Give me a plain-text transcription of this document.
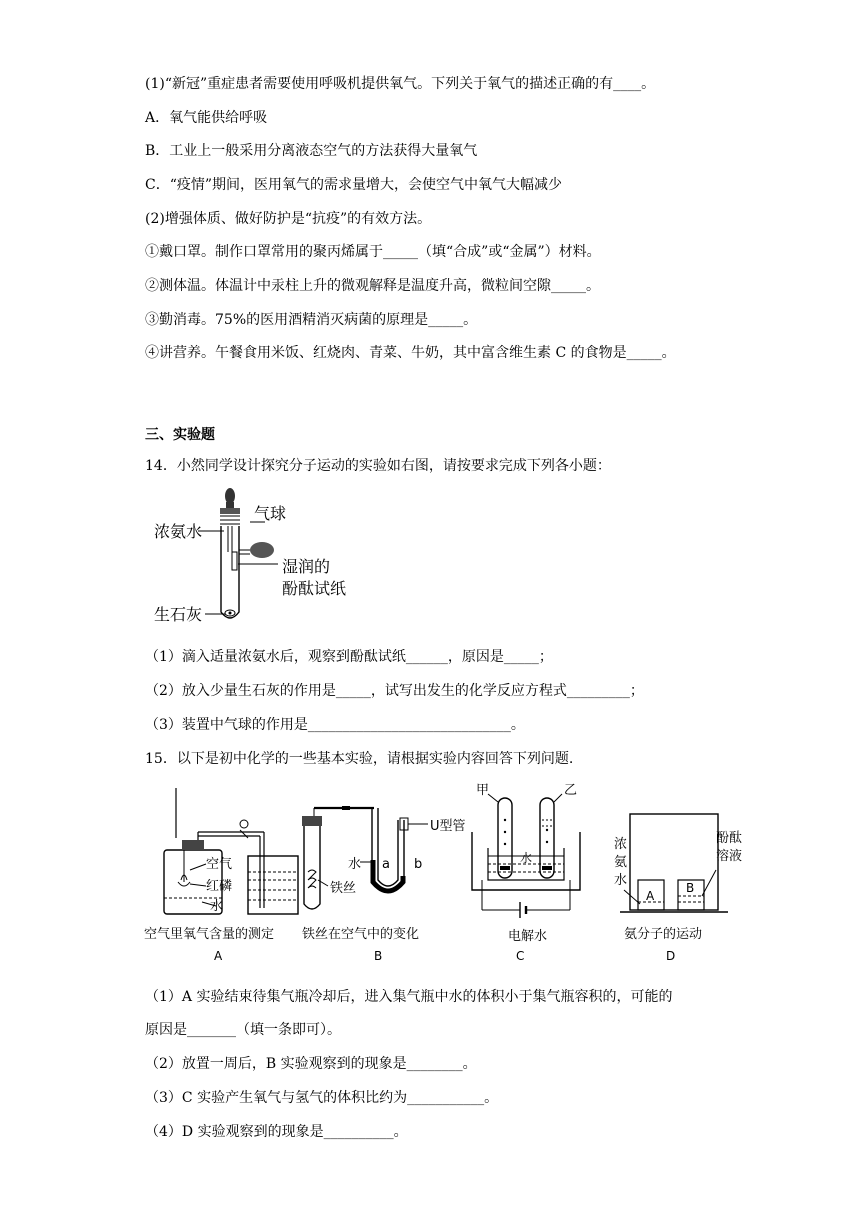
(1)“新冠”重症患者需要使用呼吸机提供氧气。下列关于氧气的描述正确的有____。
A．氧气能供给呼吸
B．工业上一般采用分离液态空气的方法获得大量氧气
C．“疫情”期间，医用氧气的需求量增大，会使空气中氧气大幅减少
(2)增强体质、做好防护是“抗疫”的有效方法。
①戴口罩。制作口罩常用的聚丙烯属于_____（填“合成”或“金属”）材料。
②测体温。体温计中汞柱上升的微观解释是温度升高，微粒间空隙_____。
③勤消毒。75%的医用酒精消灭病菌的原理是_____。
④讲营养。午餐食用米饭、红烧肉、青菜、牛奶，其中富含维生素 C 的食物是_____。
三、实验题
14．小然同学设计探究分子运动的实验如右图，请按要求完成下列各小题：
浓氨水
气球
湿润的
酚酞试纸
生石灰
（1）滴入适量浓氨水后，观察到酚酞试纸______，原因是_____；
（2）放入少量生石灰的作用是_____，试写出发生的化学反应方程式_________；
（3）装置中气球的作用是_____________________________。
15．以下是初中化学的一些基本实验，请根据实验内容回答下列问题.
空气
红磷
水
空气里氧气含量的测定
A
水 a b
U型管
铁丝
铁丝在空气中的变化
B
甲	乙
水
电解水
C
浓
氨
水
酚酞
溶液
A
B
氨分子的运动
D
（1）A 实验结束待集气瓶冷却后，进入集气瓶中水的体积小于集气瓶容积的，可能的
原因是_______（填一条即可）。
（2）放置一周后，B 实验观察到的现象是________。
（3）C 实验产生氧气与氢气的体积比约为___________。
（4）D 实验观察到的现象是__________。
